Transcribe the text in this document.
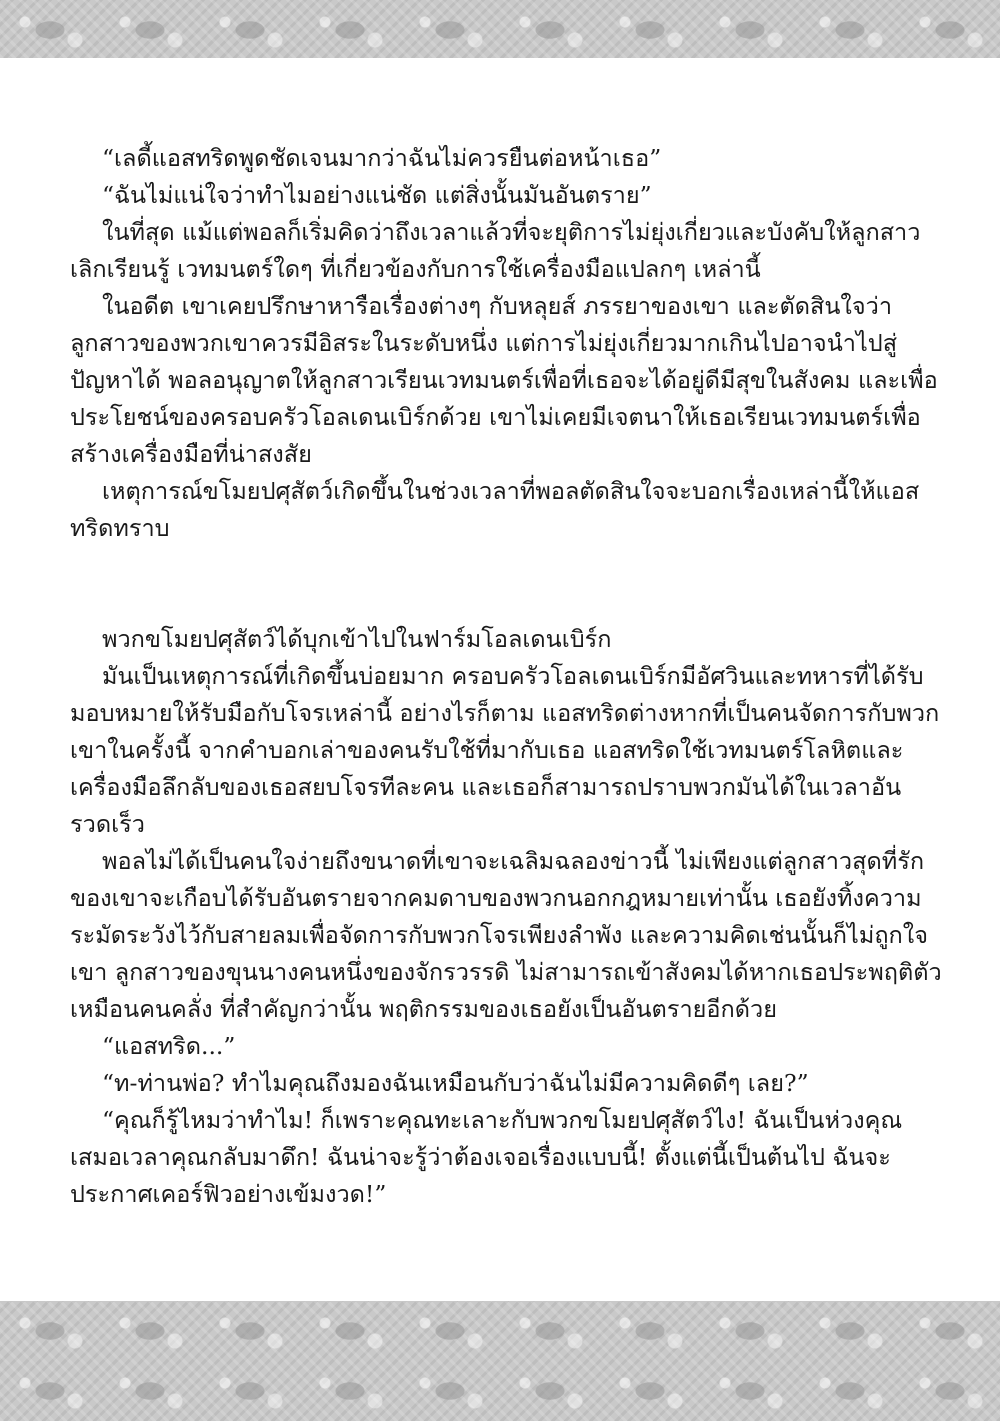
“เลดี้แอสทริดพูดชัดเจนมากว่าฉันไม่ควรยืนต่อหน้าเธอ”

“ฉันไม่แน่ใจว่าทำไมอย่างแน่ชัด แต่สิ่งนั้นมันอันตราย”

ในที่สุด แม้แต่พอลก็เริ่มคิดว่าถึงเวลาแล้วที่จะยุติการไม่ยุ่งเกี่ยวและบังคับให้ลูกสาวเลิกเรียนรู้ เวทมนตร์ใดๆ ที่เกี่ยวข้องกับการใช้เครื่องมือแปลกๆ เหล่านี้

ในอดีต เขาเคยปรึกษาหารือเรื่องต่างๆ กับหลุยส์ ภรรยาของเขา และตัดสินใจว่าลูกสาวของพวกเขาควรมีอิสระในระดับหนึ่ง แต่การไม่ยุ่งเกี่ยวมากเกินไปอาจนำไปสู่ปัญหาได้ พอลอนุญาตให้ลูกสาวเรียนเวทมนตร์เพื่อที่เธอจะได้อยู่ดีมีสุขในสังคม และเพื่อประโยชน์ของครอบครัวโอลเดนเบิร์กด้วย เขาไม่เคยมีเจตนาให้เธอเรียนเวทมนตร์เพื่อสร้างเครื่องมือที่น่าสงสัย

เหตุการณ์ขโมยปศุสัตว์เกิดขึ้นในช่วงเวลาที่พอลตัดสินใจจะบอกเรื่องเหล่านี้ให้แอสทริดทราบ

พวกขโมยปศุสัตว์ได้บุกเข้าไปในฟาร์มโอลเดนเบิร์ก

มันเป็นเหตุการณ์ที่เกิดขึ้นบ่อยมาก ครอบครัวโอลเดนเบิร์กมีอัศวินและทหารที่ได้รับมอบหมายให้รับมือกับโจรเหล่านี้ อย่างไรก็ตาม แอสทริดต่างหากที่เป็นคนจัดการกับพวกเขาในครั้งนี้ จากคำบอกเล่าของคนรับใช้ที่มากับเธอ แอสทริดใช้เวทมนตร์โลหิตและเครื่องมือลึกลับของเธอสยบโจรทีละคน และเธอก็สามารถปราบพวกมันได้ในเวลาอันรวดเร็ว

พอลไม่ได้เป็นคนใจง่ายถึงขนาดที่เขาจะเฉลิมฉลองข่าวนี้ ไม่เพียงแต่ลูกสาวสุดที่รักของเขาจะเกือบได้รับอันตรายจากคมดาบของพวกนอกกฎหมายเท่านั้น เธอยังทิ้งความระมัดระวังไว้กับสายลมเพื่อจัดการกับพวกโจรเพียงลำพัง และความคิดเช่นนั้นก็ไม่ถูกใจเขา ลูกสาวของขุนนางคนหนึ่งของจักรวรรดิ ไม่สามารถเข้าสังคมได้หากเธอประพฤติตัวเหมือนคนคลั่ง ที่สำคัญกว่านั้น พฤติกรรมของเธอยังเป็นอันตรายอีกด้วย

“แอสทริด...”

“ท-ท่านพ่อ? ทำไมคุณถึงมองฉันเหมือนกับว่าฉันไม่มีความคิดดีๆ เลย?”

“คุณก็รู้ไหมว่าทำไม! ก็เพราะคุณทะเลาะกับพวกขโมยปศุสัตว์ไง! ฉันเป็นห่วงคุณเสมอเวลาคุณกลับมาดึก! ฉันน่าจะรู้ว่าต้องเจอเรื่องแบบนี้! ตั้งแต่นี้เป็นต้นไป ฉันจะประกาศเคอร์ฟิวอย่างเข้มงวด!”
